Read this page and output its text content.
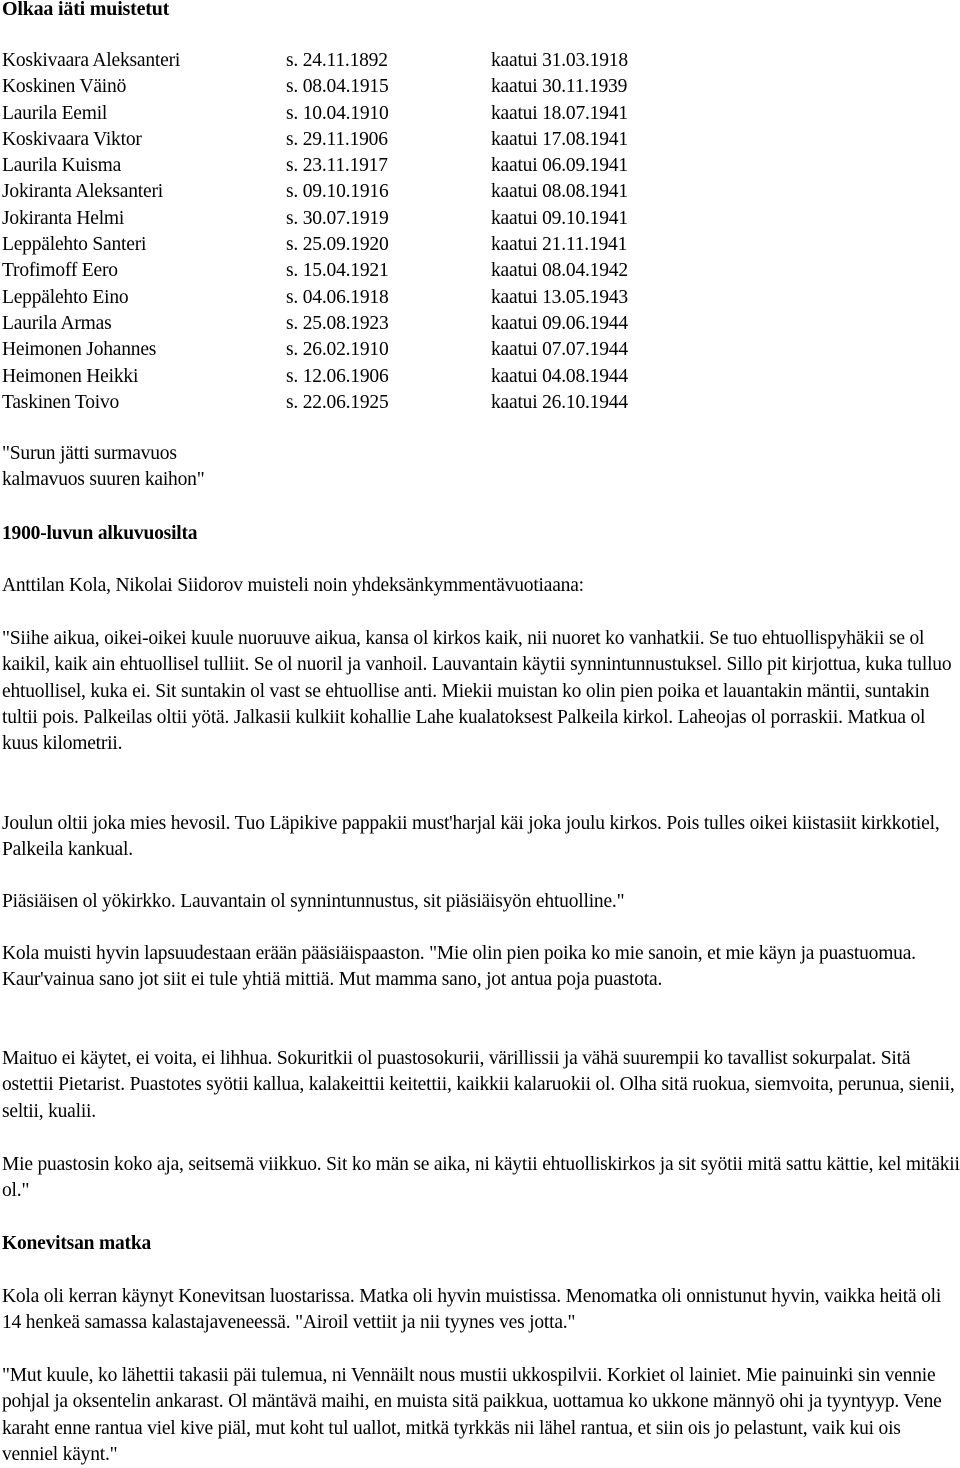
Olkaa iäti muistetut
Koskivaara Aleksanteri	s. 24.11.1892	kaatui 31.03.1918
Koskinen Väinö	s. 08.04.1915	kaatui 30.11.1939
Laurila Eemil	s. 10.04.1910	kaatui 18.07.1941
Koskivaara Viktor	s. 29.11.1906	kaatui 17.08.1941
Laurila Kuisma	s. 23.11.1917	kaatui 06.09.1941
Jokiranta Aleksanteri	s. 09.10.1916	kaatui 08.08.1941
Jokiranta Helmi	s. 30.07.1919	kaatui 09.10.1941
Leppälehto Santeri	s. 25.09.1920	kaatui 21.11.1941
Trofimoff Eero	s. 15.04.1921	kaatui 08.04.1942
Leppälehto Eino	s. 04.06.1918	kaatui 13.05.1943
Laurila Armas	s. 25.08.1923	kaatui 09.06.1944
Heimonen Johannes	s. 26.02.1910	kaatui 07.07.1944
Heimonen Heikki	s. 12.06.1906	kaatui 04.08.1944
Taskinen Toivo	s. 22.06.1925	kaatui 26.10.1944
"Surun jätti surmavuos
kalmavuos suuren kaihon"
1900-luvun alkuvuosilta
Anttilan Kola, Nikolai Siidorov muisteli noin yhdeksänkymmentävuotiaana:
"Siihe aikua, oikei-oikei kuule nuoruuve aikua, kansa ol kirkos kaik, nii nuoret ko vanhatkii. Se tuo ehtuollispyhäkii se ol kaikil, kaik ain ehtuollisel tulliit. Se ol nuoril ja vanhoil. Lauvantain käytii synnintunnustuksel. Sillo pit kirjottua, kuka tulluo ehtuollisel, kuka ei. Sit suntakin ol vast se ehtuollise anti. Miekii muistan ko olin pien poika et lauantakin mäntii, suntakin tultii pois. Palkeilas oltii yötä. Jalkasii kulkiit kohallie Lahe kualatoksest Palkeila kirkol. Laheojas ol porraskii. Matkua ol kuus kilometrii.
Joulun oltii joka mies hevosil. Tuo Läpikive pappakii must'harjal käi joka joulu kirkos. Pois tulles oikei kiistasiit kirkkotiel, Palkeila kankual.
Piäsiäisen ol yökirkko. Lauvantain ol synnintunnustus, sit piäsiäisyön ehtuolline."
Kola muisti hyvin lapsuudestaan erään pääsiäispaaston. "Mie olin pien poika ko mie sanoin, et mie käyn ja puastuomua. Kaur'vainua sano jot siit ei tule yhtiä mittiä. Mut mamma sano, jot antua poja puastota.
Maituo ei käytet, ei voita, ei lihhua. Sokuritkii ol puastosokurii, värillissii ja vähä suurempii ko tavallist sokurpalat. Sitä ostettii Pietarist. Puastotes syötii kallua, kalakeittii keitettii, kaikkii kalaruokii ol. Olha sitä ruokua, siemvoita, perunua, sienii, seltii, kualii.
Mie puastosin koko aja, seitsemä viikkuo. Sit ko män se aika, ni käytii ehtuolliskirkos ja sit syötii mitä sattu kättie, kel mitäkii ol."
Konevitsan matka
Kola oli kerran käynyt Konevitsan luostarissa. Matka oli hyvin muistissa. Menomatka oli onnistunut hyvin, vaikka heitä oli 14 henkeä samassa kalastajaveneessä. "Airoil vettiit ja nii tyynes ves jotta."
"Mut kuule, ko lähettii takasii päi tulemua, ni Vennäilt nous mustii ukkospilvii. Korkiet ol lainiet. Mie painuinki sin vennie pohjal ja oksentelin ankarast. Ol mäntävä maihi, en muista sitä paikkua, uottamua ko ukkone männyö ohi ja tyyntyyp. Vene karaht enne rantua viel kive piäl, mut koht tul uallot, mitkä tyrkkäs nii lähel rantua, et siin ois jo pelastunt, vaik kui ois venniel käynt."
